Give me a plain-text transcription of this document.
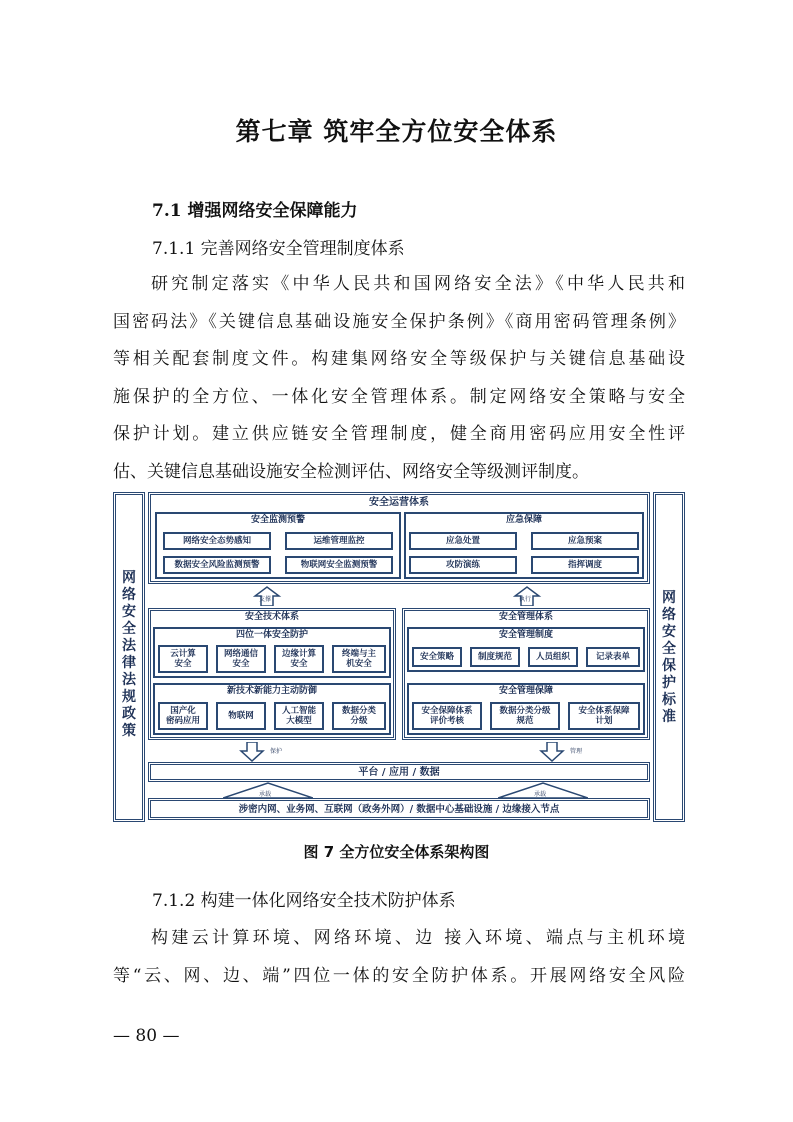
第七章 筑牢全方位安全体系
7.1 增强网络安全保障能力
7.1.1 完善网络安全管理制度体系
研究制定落实《中华人民共和国网络安全法》《中华人民共和
国密码法》《关键信息基础设施安全保护条例》《商用密码管理条例》
等相关配套制度文件。构建集网络安全等级保护与关键信息基础设
施保护的全方位、一体化安全管理体系。制定网络安全策略与安全
保护计划。建立供应链安全管理制度，健全商用密码应用安全性评
估、关键信息基础设施安全检测评估、网络安全等级测评制度。
网络安全法律法规政策
网络安全保护标准
安全运营体系
安全监测预警
网络安全态势感知	运维管理监控
数据安全风险监测预警	物联网安全监测预警
应急保障
应急处置	应急预案
攻防演练	指挥调度
支撑	执行
安全技术体系
四位一体安全防护
云计算
安全
网络通信
安全
边缘计算
安全
终端与主
机安全
新技术新能力主动防御
国产化
密码应用	物联网	人工智能
大模型
数据分类
分级
安全管理体系
安全管理制度
安全策略	制度规范	人员组织	记录表单
安全管理保障
安全保障体系
评价考核
数据分类分级
规范
安全体系保障
计划
保护	管理
平台 / 应用 / 数据
承载	承载
涉密内网、业务网、互联网（政务外网）/ 数据中心基础设施 / 边缘接入节点
图 7 全方位安全体系架构图
7.1.2 构建一体化网络安全技术防护体系
构建云计算环境、网络环境、边 接入环境、端点与主机环境
等“云、网、边、端”四位一体的安全防护体系。开展网络安全风险
— 80 —
